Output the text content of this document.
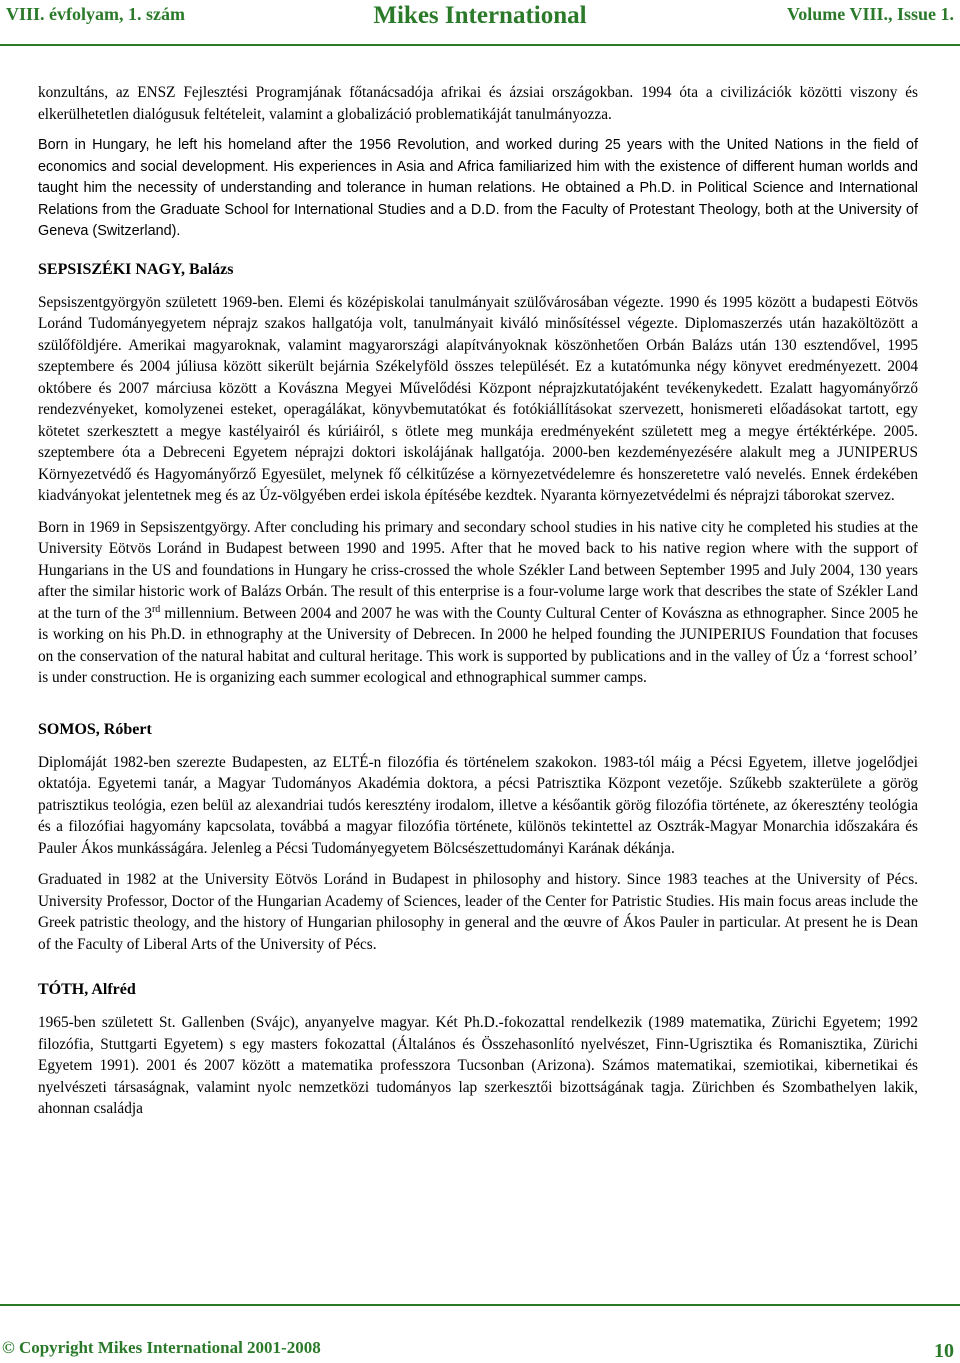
VIII. évfolyam, 1. szám	Mikes International	Volume VIII., Issue 1.

konzultáns, az ENSZ Fejlesztési Programjának főtanácsadója afrikai és ázsiai országokban. 1994 óta a civilizációk közötti viszony és elkerülhetetlen dialógusuk feltételeit, valamint a globalizáció problematikáját tanulmányozza.

Born in Hungary, he left his homeland after the 1956 Revolution, and worked during 25 years with the United Nations in the field of economics and social development. His experiences in Asia and Africa familiarized him with the existence of different human worlds and taught him the necessity of understanding and tolerance in human relations. He obtained a Ph.D. in Political Science and International Relations from the Graduate School for International Studies and a D.D. from the Faculty of Protestant Theology, both at the University of Geneva (Switzerland).

SEPSISZÉKI NAGY, Balázs

Sepsiszentgyörgyön született 1969-ben. Elemi és középiskolai tanulmányait szülővárosában végezte. 1990 és 1995 között a budapesti Eötvös Loránd Tudományegyetem néprajz szakos hallgatója volt, tanulmányait kiváló minősítéssel végezte. Diplomaszerzés után hazaköltözött a szülőföldjére. Amerikai magyaroknak, valamint magyarországi alapítványoknak köszönhetően Orbán Balázs után 130 esztendővel, 1995 szeptembere és 2004 júliusa között sikerült bejárnia Székelyföld összes települését. Ez a kutatómunka négy könyvet eredményezett. 2004 októbere és 2007 márciusa között a Kovászna Megyei Művelődési Központ néprajzkutatójaként tevékenykedett. Ezalatt hagyományőrző rendezvényeket, komolyzenei esteket, operagálákat, könyvbemutatókat és fotókiállításokat szervezett, honismereti előadásokat tartott, egy kötetet szerkesztett a megye kastélyairól és kúriáiról, s ötlete meg munkája eredményeként született meg a megye értéktérképe. 2005. szeptembere óta a Debreceni Egyetem néprajzi doktori iskolájának hallgatója. 2000-ben kezdeményezésére alakult meg a JUNIPERUS Környezetvédő és Hagyományőrző Egyesület, melynek fő célkitűzése a környezetvédelemre és honszeretetre való nevelés. Ennek érdekében kiadványokat jelentetnek meg és az Úz-völgyében erdei iskola építésébe kezdtek. Nyaranta környezetvédelmi és néprajzi táborokat szervez.

Born in 1969 in Sepsiszentgyörgy. After concluding his primary and secondary school studies in his native city he completed his studies at the University Eötvös Loránd in Budapest between 1990 and 1995. After that he moved back to his native region where with the support of Hungarians in the US and foundations in Hungary he criss-crossed the whole Székler Land between September 1995 and July 2004, 130 years after the similar historic work of Balázs Orbán. The result of this enterprise is a four-volume large work that describes the state of Székler Land at the turn of the 3rd millennium. Between 2004 and 2007 he was with the County Cultural Center of Kovászna as ethnographer. Since 2005 he is working on his Ph.D. in ethnography at the University of Debrecen. In 2000 he helped founding the JUNIPERIUS Foundation that focuses on the conservation of the natural habitat and cultural heritage. This work is supported by publications and in the valley of Úz a ‘forrest school’ is under construction. He is organizing each summer ecological and ethnographical summer camps.

SOMOS, Róbert

Diplomáját 1982-ben szerezte Budapesten, az ELTÉ-n filozófia és történelem szakokon. 1983-tól máig a Pécsi Egyetem, illetve jogelődjei oktatója. Egyetemi tanár, a Magyar Tudományos Akadémia doktora, a pécsi Patrisztika Központ vezetője. Szűkebb szakterülete a görög patrisztikus teológia, ezen belül az alexandriai tudós keresztény irodalom, illetve a későantik görög filozófia története, az ókeresztény teológia és a filozófiai hagyomány kapcsolata, továbbá a magyar filozófia története, különös tekintettel az Osztrák-Magyar Monarchia időszakára és Pauler Ákos munkásságára. Jelenleg a Pécsi Tudományegyetem Bölcsészettudományi Karának dékánja.

Graduated in 1982 at the University Eötvös Loránd in Budapest in philosophy and history. Since 1983 teaches at the University of Pécs. University Professor, Doctor of the Hungarian Academy of Sciences, leader of the Center for Patristic Studies. His main focus areas include the Greek patristic theology, and the history of Hungarian philosophy in general and the œuvre of Ákos Pauler in particular. At present he is Dean of the Faculty of Liberal Arts of the University of Pécs.

TÓTH, Alfréd

1965-ben született St. Gallenben (Svájc), anyanyelve magyar. Két Ph.D.-fokozattal rendelkezik (1989 matematika, Zürichi Egyetem; 1992 filozófia, Stuttgarti Egyetem) s egy masters fokozattal (Általános és Összehasonlító nyelvészet, Finn-Ugrisztika és Romanisztika, Zürichi Egyetem 1991). 2001 és 2007 között a matematika professzora Tucsonban (Arizona). Számos matematikai, szemiotikai, kibernetikai és nyelvészeti társaságnak, valamint nyolc nemzetközi tudományos lap szerkesztői bizottságának tagja. Zürichben és Szombathelyen lakik, ahonnan családja

© Copyright Mikes International 2001-2008	10
